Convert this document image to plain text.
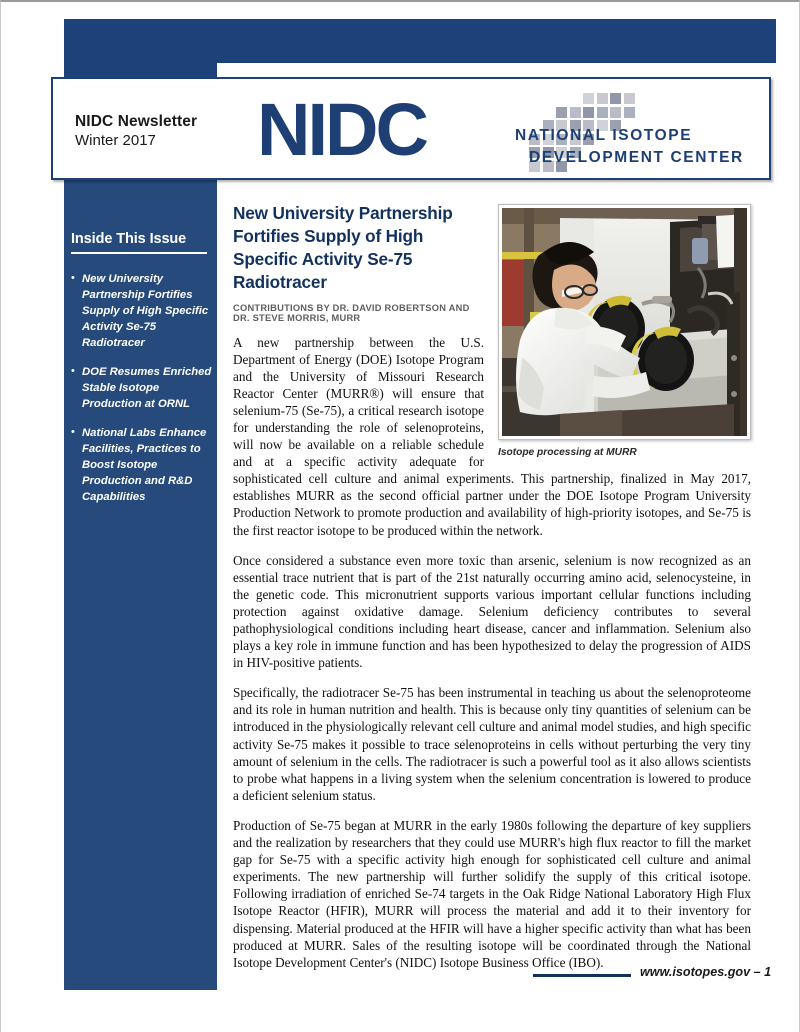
NIDC Newsletter
Winter 2017 NIDC	NATIONAL ISOTOPE
DEVELOPMENT CENTER
Inside This Issue
• New University Partnership Fortifies Supply of High Specific Activity Se-75 Radiotracer
• DOE Resumes Enriched Stable Isotope Production at ORNL
• National Labs Enhance Facilities, Practices to Boost Isotope Production and R&D Capabilities
Isotope processing at MURR
New University Partnership Fortifies Supply of High Specific Activity Se-75 Radiotracer
CONTRIBUTIONS BY DR. DAVID ROBERTSON AND DR. STEVE MORRIS, MURR

A new partnership between the U.S. Department of Energy (DOE) Isotope Program and the University of Missouri Research Reactor Center (MURR®) will ensure that selenium-75 (Se-75), a critical research isotope for understanding the role of selenoproteins, will now be available on a reliable schedule and at a specific activity adequate for sophisticated cell culture and animal experiments. This partnership, finalized in May 2017, establishes MURR as the second official partner under the DOE Isotope Program University Production Network to promote production and availability of high-priority isotopes, and Se-75 is the first reactor isotope to be produced within the network.

Once considered a substance even more toxic than arsenic, selenium is now recognized as an essential trace nutrient that is part of the 21st naturally occurring amino acid, selenocysteine, in the genetic code. This micronutrient supports various important cellular functions including protection against oxidative damage. Selenium deficiency contributes to several pathophysiological conditions including heart disease, cancer and inflammation. Selenium also plays a key role in immune function and has been hypothesized to delay the progression of AIDS in HIV-positive patients.

Specifically, the radiotracer Se-75 has been instrumental in teaching us about the selenoproteome and its role in human nutrition and health. This is because only tiny quantities of selenium can be introduced in the physiologically relevant cell culture and animal model studies, and high specific activity Se-75 makes it possible to trace selenoproteins in cells without perturbing the very tiny amount of selenium in the cells. The radiotracer is such a powerful tool as it also allows scientists to probe what happens in a living system when the selenium concentration is lowered to produce a deficient selenium status.

Production of Se-75 began at MURR in the early 1980s following the departure of key suppliers and the realization by researchers that they could use MURR's high flux reactor to fill the market gap for Se-75 with a specific activity high enough for sophisticated cell culture and animal experiments. The new partnership will further solidify the supply of this critical isotope. Following irradiation of enriched Se-74 targets in the Oak Ridge National Laboratory High Flux Isotope Reactor (HFIR), MURR will process the material and add it to their inventory for dispensing. Material produced at the HFIR will have a higher specific activity than what has been produced at MURR. Sales of the resulting isotope will be coordinated through the National Isotope Development Center's (NIDC) Isotope Business Office (IBO).

www.isotopes.gov – 1
